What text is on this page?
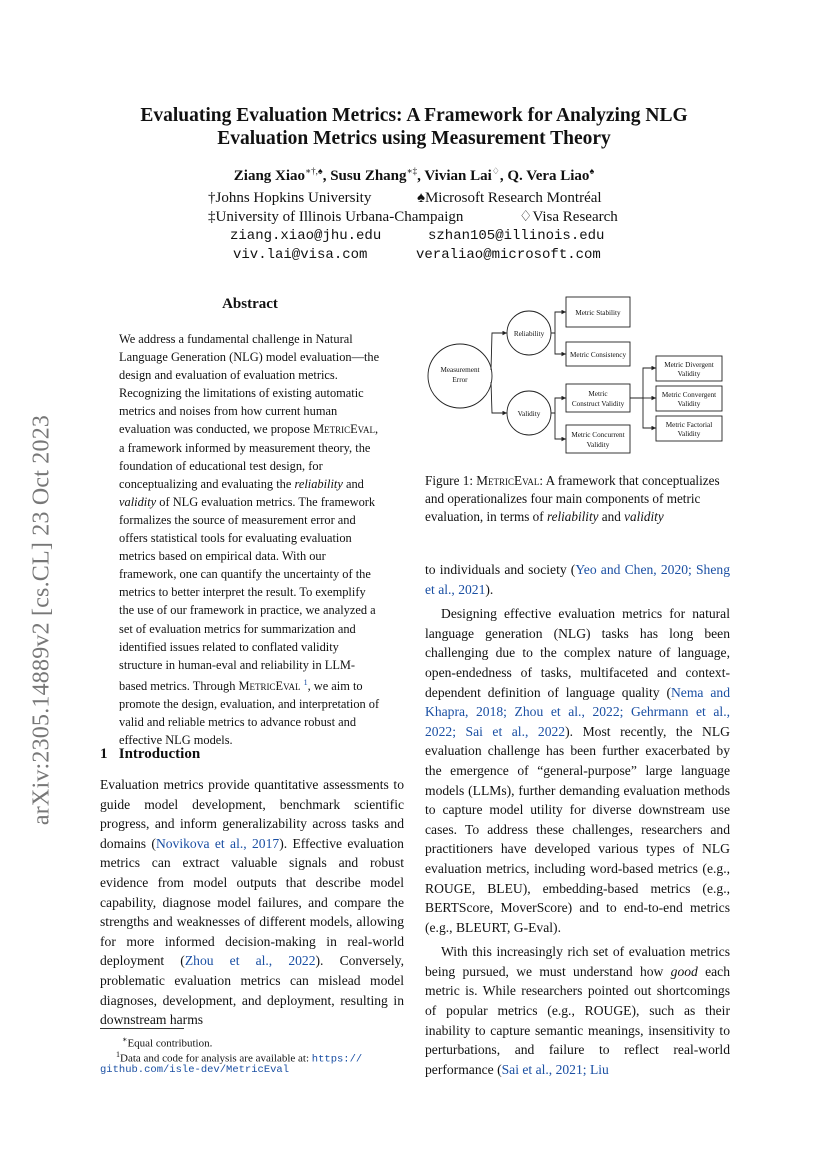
arXiv:2305.14889v2 [cs.CL] 23 Oct 2023
Evaluating Evaluation Metrics: A Framework for Analyzing NLG
Evaluation Metrics using Measurement Theory
Ziang Xiao∗†,♠, Susu Zhang∗‡, Vivian Lai♢, Q. Vera Liao♠
†Johns Hopkins University	♠Microsoft Research Montréal
‡University of Illinois Urbana-Champaign	♢Visa Research
ziang.xiao@jhu.edu	szhan105@illinois.edu
viv.lai@visa.com	veraliao@microsoft.com
Abstract
We address a fundamental challenge in Natural Language Generation (NLG) model evaluation—the design and evaluation of evaluation metrics. Recognizing the limitations of existing automatic metrics and noises from how current human evaluation was conducted, we propose MetricEval, a framework informed by measurement theory, the foundation of educational test design, for conceptualizing and evaluating the reliability and validity of NLG evaluation metrics. The framework formalizes the source of measurement error and offers statistical tools for evaluating evaluation metrics based on empirical data. With our framework, one can quantify the uncertainty of the metrics to better interpret the result. To exemplify the use of our framework in practice, we analyzed a set of evaluation metrics for summarization and identified issues related to conflated validity structure in human-eval and reliability in LLM-based metrics. Through MetricEval $^1$, we aim to promote the design, evaluation, and interpretation of valid and reliable metrics to advance robust and effective NLG models.
1 Introduction
Evaluation metrics provide quantitative assessments to guide model development, benchmark scientific progress, and inform generalizability across tasks and domains (Novikova et al., 2017). Effective evaluation metrics can extract valuable signals and robust evidence from model outputs that describe model capability, diagnose model failures, and compare the strengths and weaknesses of different models, allowing for more informed decision-making in real-world deployment (Zhou et al., 2022). Conversely, problematic evaluation metrics can mislead model diagnoses, development, and deployment, resulting in downstream harms
∗Equal contribution.
$^1$Data and code for analysis are available at: https://
github.com/isle-dev/MetricEval
Measurement
Error
Reliability
Validity
Metric Stability
Metric Consistency
Metric
Construct Validity
Metric Concurrent
Validity
Metric Divergent
Validity
Metric Convergent
Validity
Metric Factorial
Validity
Figure 1: MetricEval: A framework that conceptualizes and operationalizes four main components of metric evaluation, in terms of reliability and validity

to individuals and society (Yeo and Chen, 2020; Sheng et al., 2021).

Designing effective evaluation metrics for natural language generation (NLG) tasks has long been challenging due to the complex nature of language, open-endedness of tasks, multifaceted and context-dependent definition of language quality (Nema and Khapra, 2018; Zhou et al., 2022; Gehrmann et al., 2022; Sai et al., 2022). Most recently, the NLG evaluation challenge has been further exacerbated by the emergence of “general-purpose” large language models (LLMs), further demanding evaluation methods to capture model utility for diverse downstream use cases. To address these challenges, researchers and practitioners have developed various types of NLG evaluation metrics, including word-based metrics (e.g., ROUGE, BLEU), embedding-based metrics (e.g., BERTScore, MoverScore) and to end-to-end metrics (e.g., BLEURT, G-Eval).

With this increasingly rich set of evaluation metrics being pursued, we must understand how good each metric is. While researchers pointed out shortcomings of popular metrics (e.g., ROUGE), such as their inability to capture semantic meanings, insensitivity to perturbations, and failure to reflect real-world performance (Sai et al., 2021; Liu
